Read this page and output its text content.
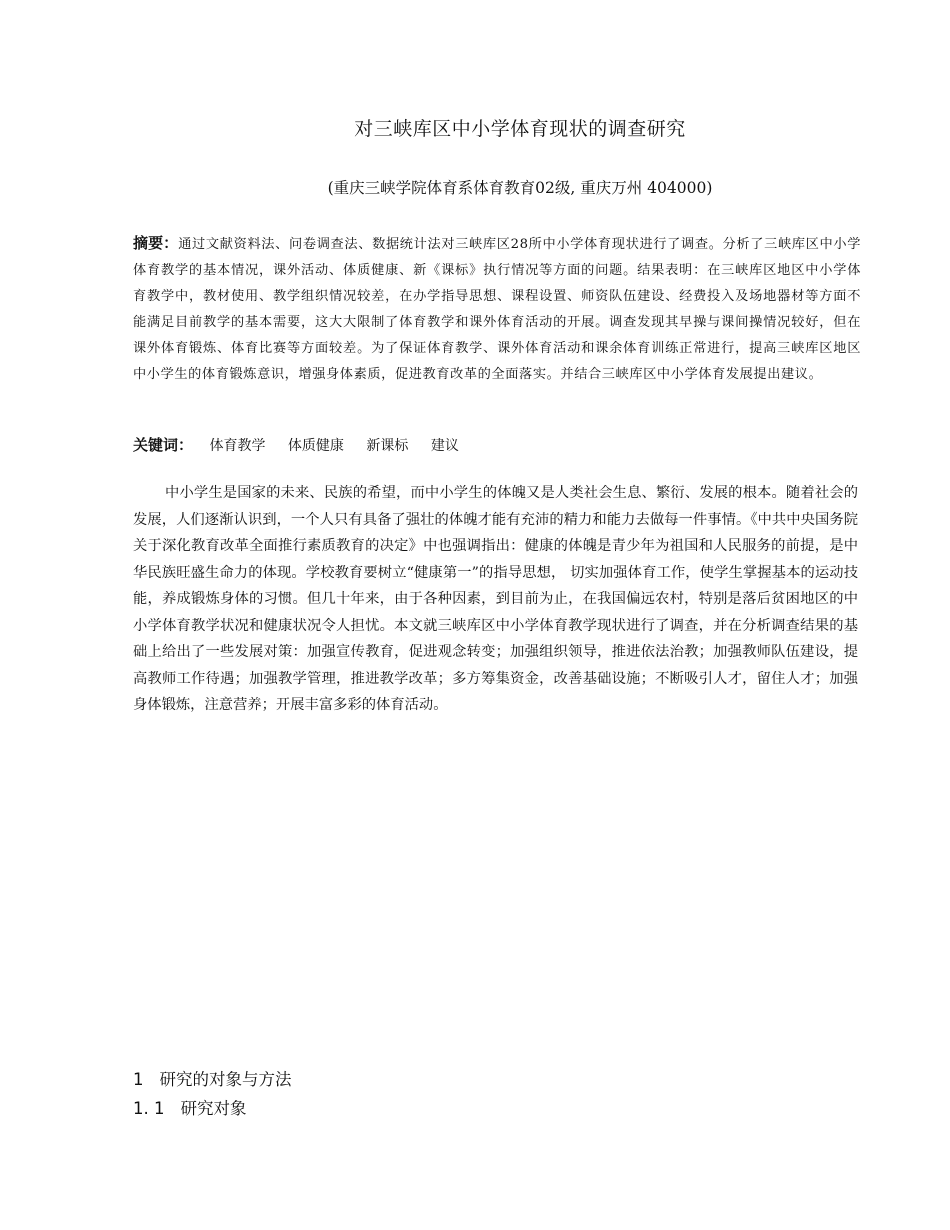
对三峡库区中小学体育现状的调查研究
(重庆三峡学院体育系体育教育02级, 重庆万州 404000)
摘要：通过文献资料法、问卷调查法、数据统计法对三峡库区28所中小学体育现状进行了调查。分析了三峡库区中小学体育教学的基本情况，课外活动、体质健康、新《课标》执行情况等方面的问题。结果表明：在三峡库区地区中小学体育教学中，教材使用、教学组织情况较差，在办学指导思想、课程设置、师资队伍建设、经费投入及场地器材等方面不能满足目前教学的基本需要，这大大限制了体育教学和课外体育活动的开展。调查发现其早操与课间操情况较好，但在课外体育锻炼、体育比赛等方面较差。为了保证体育教学、课外体育活动和课余体育训练正常进行，提高三峡库区地区中小学生的体育锻炼意识，增强身体素质，促进教育改革的全面落实。并结合三峡库区中小学体育发展提出建议。
关键词： 体育教学 体质健康 新课标 建议
中小学生是国家的未来、民族的希望，而中小学生的体魄又是人类社会生息、繁衍、发展的根本。随着社会的发展，人们逐渐认识到，一个人只有具备了强壮的体魄才能有充沛的精力和能力去做每一件事情。《中共中央国务院关于深化教育改革全面推行素质教育的决定》中也强调指出：健康的体魄是青少年为祖国和人民服务的前提，是中华民族旺盛生命力的体现。学校教育要树立“健康第一”的指导思想， 切实加强体育工作，使学生掌握基本的运动技能，养成锻炼身体的习惯。但几十年来，由于各种因素，到目前为止，在我国偏远农村，特别是落后贫困地区的中小学体育教学状况和健康状况令人担忧。本文就三峡库区中小学体育教学现状进行了调查，并在分析调查结果的基础上给出了一些发展对策：加强宣传教育，促进观念转变；加强组织领导，推进依法治教；加强教师队伍建设，提高教师工作待遇；加强教学管理，推进教学改革；多方筹集资金，改善基础设施；不断吸引人才，留住人才；加强身体锻炼，注意营养；开展丰富多彩的体育活动。
1 研究的对象与方法
1. 1 研究对象
